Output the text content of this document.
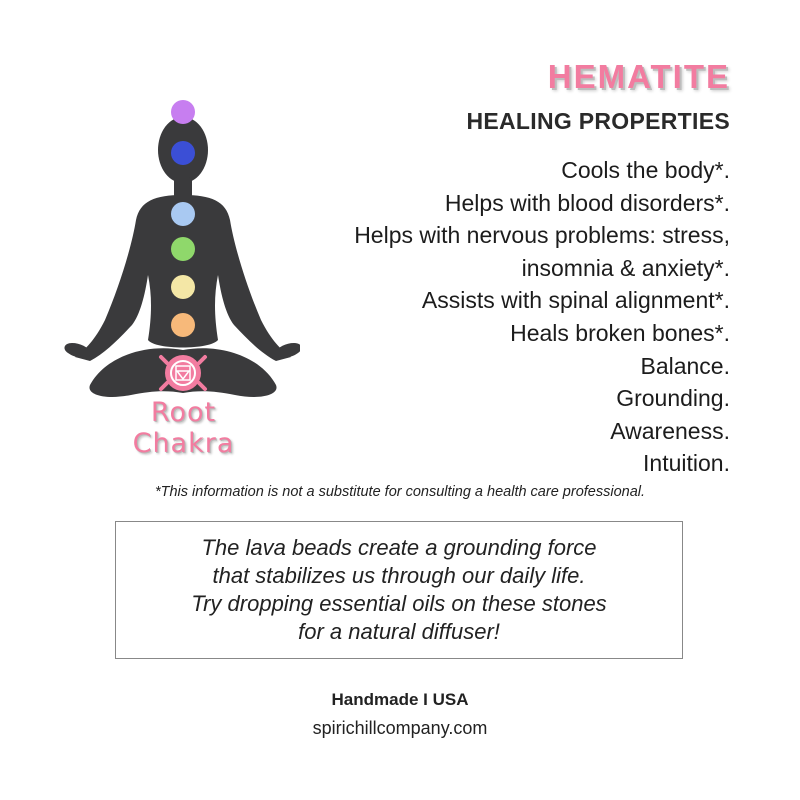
Root Chakra
HEMATITE
HEALING PROPERTIES
Cools the body*.
Helps with blood disorders*.
Helps with nervous problems: stress,
insomnia & anxiety*.
Assists with spinal alignment*.
Heals broken bones*.
Balance.
Grounding.
Awareness.
Intuition.
*This information is not a substitute for consulting a health care professional.
The lava beads create a grounding force
that stabilizes us through our daily life.
Try dropping essential oils on these stones
for a natural diffuser!
Handmade I USA
spirichillcompany.com
